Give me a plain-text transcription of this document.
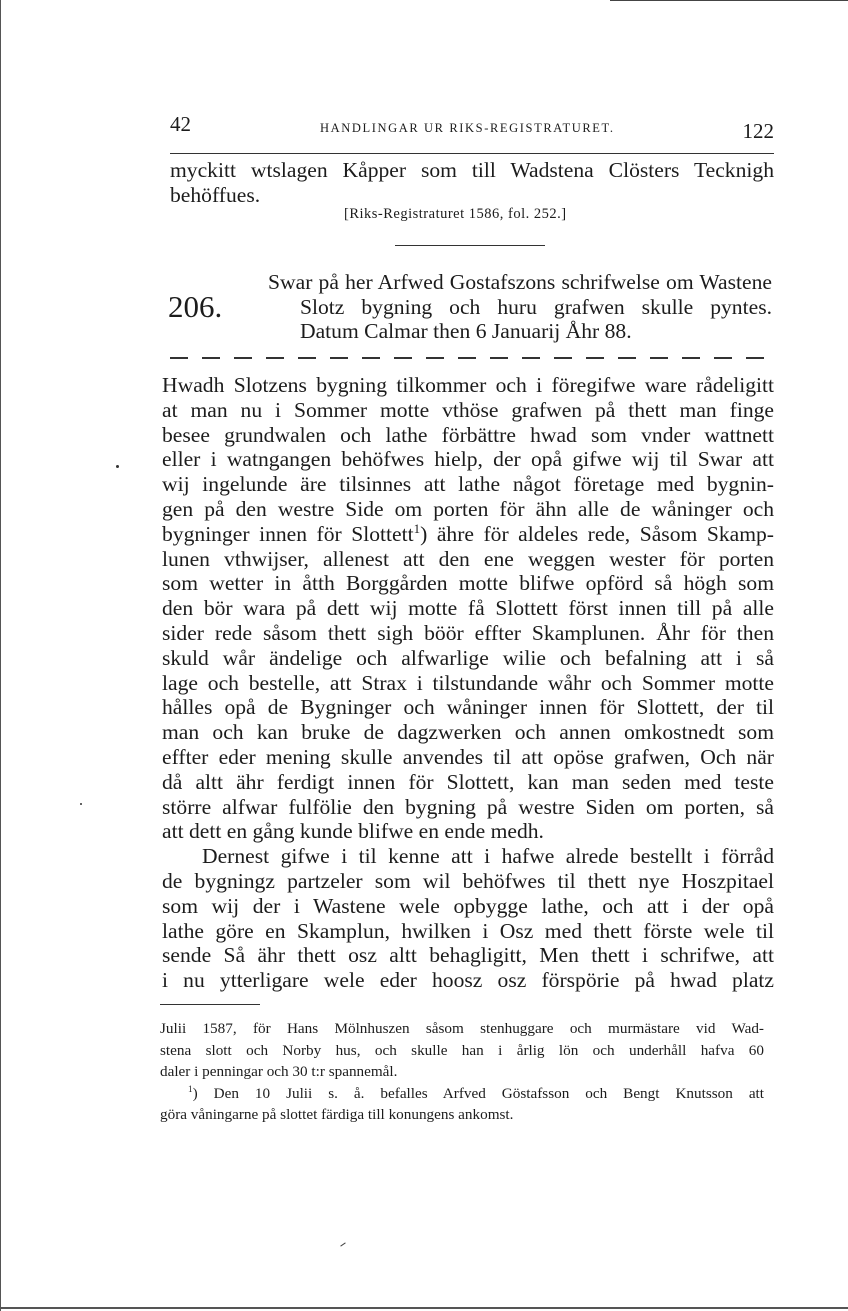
42	HANDLINGAR UR RIKS-REGISTRATURET.	122
myckitt wtslagen Kåpper som till Wadstena Clösters Tecknigh
behöffues.
[Riks-Registraturet 1586, fol. 252.]
206.
Swar på her Arfwed Gostafszons schrifwelse om Wastene
Slotz bygning och huru grafwen skulle pyntes.
Datum Calmar then 6 Januarij Åhr 88.
Hwadh Slotzens bygning tilkommer och i föregifwe ware rådeligitt
at man nu i Sommer motte vthöse grafwen på thett man finge
besee grundwalen och lathe förbättre hwad som vnder wattnett
eller i watngangen behöfwes hielp, der opå gifwe wij til Swar att
wij ingelunde äre tilsinnes att lathe något företage med bygnin-
gen på den westre Side om porten för ähn alle de wåninger och
bygninger innen för Slottett$^1$) ähre för aldeles rede, Såsom Skamp-
lunen vthwijser, allenest att den ene weggen wester för porten
som wetter in åtth Borggården motte blifwe opförd så högh som
den bör wara på dett wij motte få Slottett först innen till på alle
sider rede såsom thett sigh böör effter Skamplunen. Åhr för then
skuld wår ändelige och alfwarlige wilie och befalning att i så
lage och bestelle, att Strax i tilstundande wåhr och Sommer motte
hålles opå de Bygninger och wåninger innen för Slottett, der til
man och kan bruke de dagzwerken och annen omkostnedt som
effter eder mening skulle anvendes til att opöse grafwen, Och när
då altt ähr ferdigt innen för Slottett, kan man seden med teste
större alfwar fulfölie den bygning på westre Siden om porten, så
att dett en gång kunde blifwe en ende medh.
Dernest gifwe i til kenne att i hafwe alrede bestellt i förråd
de bygningz partzeler som wil behöfwes til thett nye Hoszpitael
som wij der i Wastene wele opbygge lathe, och att i der opå
lathe göre en Skamplun, hwilken i Osz med thett förste wele til
sende Så ähr thett osz altt behagligitt, Men thett i schrifwe, att
i nu ytterligare wele eder hoosz osz förspörie på hwad platz
Julii 1587, för Hans Mölnhuszen såsom stenhuggare och murmästare vid Wad-
stena slott och Norby hus, och skulle han i årlig lön och underhåll hafva 60
daler i penningar och 30 t:r spannemål.
$^1$) Den 10 Julii s. å. befalles Arfved Göstafsson och Bengt Knutsson att
göra våningarne på slottet färdiga till konungens ankomst.
